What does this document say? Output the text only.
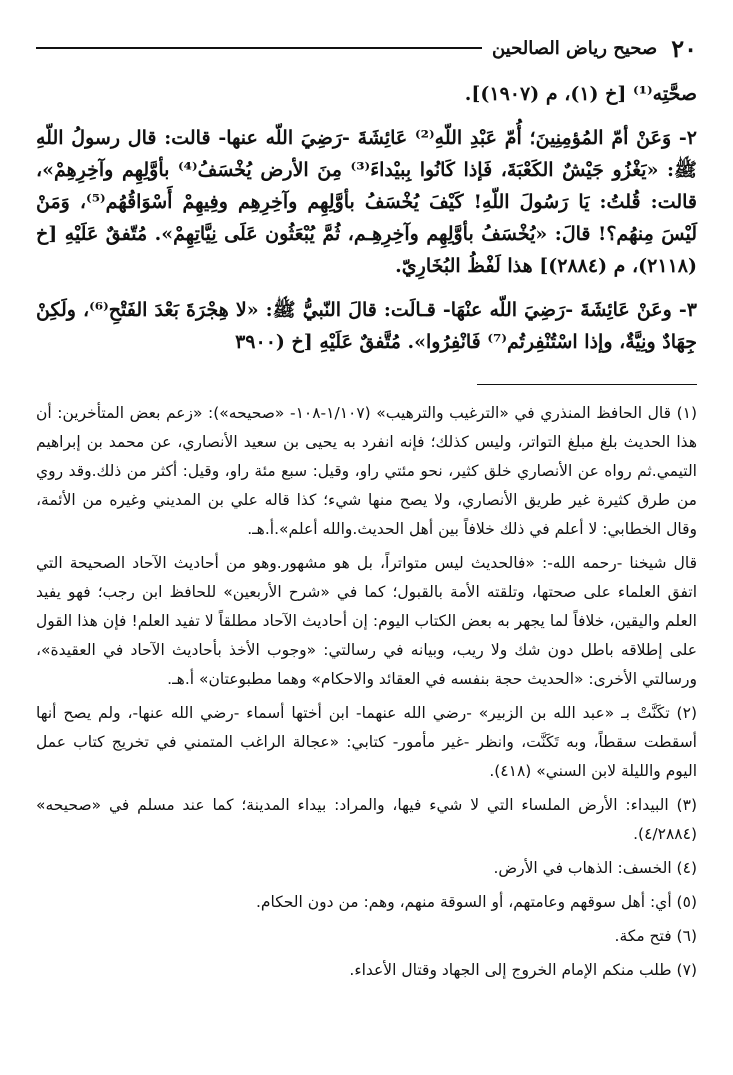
٢٠
صحيح رياض الصالحين

صحَّتِه⁽¹⁾ [خ (١)، م (١٩٠٧)].

٢- وَعَنْ أمّ المُؤمِنِينَ؛ أُمّ عَبْدِ اللّهِ⁽²⁾ عَائِشَةَ -رَضِيَ اللّه عنها- قالت: قال رسولُ اللّهِ ﷺ: «يَغْزُو جَيْشٌ الكَعْبَةَ، فَإذا كَانُوا بِبيْداءَ⁽³⁾ مِنَ الأرض يُخْسَفُ⁽⁴⁾ بأوَّلِهِم وآخِرِهِمْ»، قالت: قُلتُ: يَا رَسُولَ اللّهِ! كَيْفَ يُخْسَفُ بأوَّلِهِم وآخِرِهِم وفِيهِمْ أَسْوَاقُهُم⁽⁵⁾، وَمَنْ لَيْسَ مِنهُم؟! قالَ: «يُخْسَفُ بأوَّلِهِم وآخِرِهِـم، ثُمَّ يُبْعَثُون عَلَى نِيَّاتِهِمْ». مُتّفقٌ عَلَيْهِ [خ (٢١١٨)، م (٢٨٨٤)] هذا لَفْظُ البُخَارِيّ.

٣- وعَنْ عَائِشَةَ -رَضِيَ اللّه عنْهَا- قـالَت: قالَ النّبيُّ ﷺ: «لا هِجْرَةَ بَعْدَ الفَتْحِ⁽⁶⁾، ولَكِنْ جِهَادٌ ونِيَّةٌ، وإذا اسْتُنْفِرتُم⁽⁷⁾ فَانْفِرُوا». مُتَّفقٌ عَلَيْهِ [خ (٣٩٠٠

(١) قال الحافظ المنذري في «الترغيب والترهيب» (١/١٠٧-١٠٨- «صحيحه»): «زعم بعض المتأخرين: أن هذا الحديث بلغ مبلغ التواتر، وليس كذلك؛ فإنه انفرد به يحيى بن سعيد الأنصاري، عن محمد بن إبراهيم التيمي.ثم رواه عن الأنصاري خلق كثير، نحو مئتي راو، وقيل: سبع مئة راو، وقيل: أكثر من ذلك.وقد روي من طرق كثيرة غير طريق الأنصاري، ولا يصح منها شيء؛ كذا قاله علي بن المديني وغيره من الأئمة، وقال الخطابي: لا أعلم في ذلك خلافاً بين أهل الحديث.والله أعلم».أ.هـ.

قال شيخنا -رحمه الله-: «فالحديث ليس متواتراً، بل هو مشهور.وهو من أحاديث الآحاد الصحيحة التي اتفق العلماء على صحتها، وتلقته الأمة بالقبول؛ كما في «شرح الأربعين» للحافظ ابن رجب؛ فهو يفيد العلم واليقين، خلافاً لما يجهر به بعض الكتاب اليوم: إن أحاديث الآحاد مطلقاً لا تفيد العلم! فإن هذا القول على إطلاقه باطل دون شك ولا ريب، وبيانه في رسالتي: «وجوب الأخذ بأحاديث الآحاد في العقيدة»، ورسالتي الأخرى: «الحديث حجة بنفسه في العقائد والاحكام» وهما مطبوعتان» أ.هـ.

(٢) تكَنَّتْ بـ «عبد الله بن الزبير» -رضي الله عنهما- ابن أختها أسماء -رضي الله عنها-، ولم يصح أنها أسقطت سقطاً، وبه تَكَنَّت، وانظر -غير مأمور- كتابي: «عجالة الراغب المتمني في تخريج كتاب عمل اليوم والليلة لابن السني» (٤١٨).

(٣) البيداء: الأرض الملساء التي لا شيء فيها، والمراد: بيداء المدينة؛ كما عند مسلم في «صحيحه» (٤/٢٨٨٤).

(٤) الخسف: الذهاب في الأرض.

(٥) أي: أهل سوقهم وعامتهم، أو السوقة منهم، وهم: من دون الحكام.

(٦) فتح مكة.

(٧) طلب منكم الإمام الخروج إلى الجهاد وقتال الأعداء.
